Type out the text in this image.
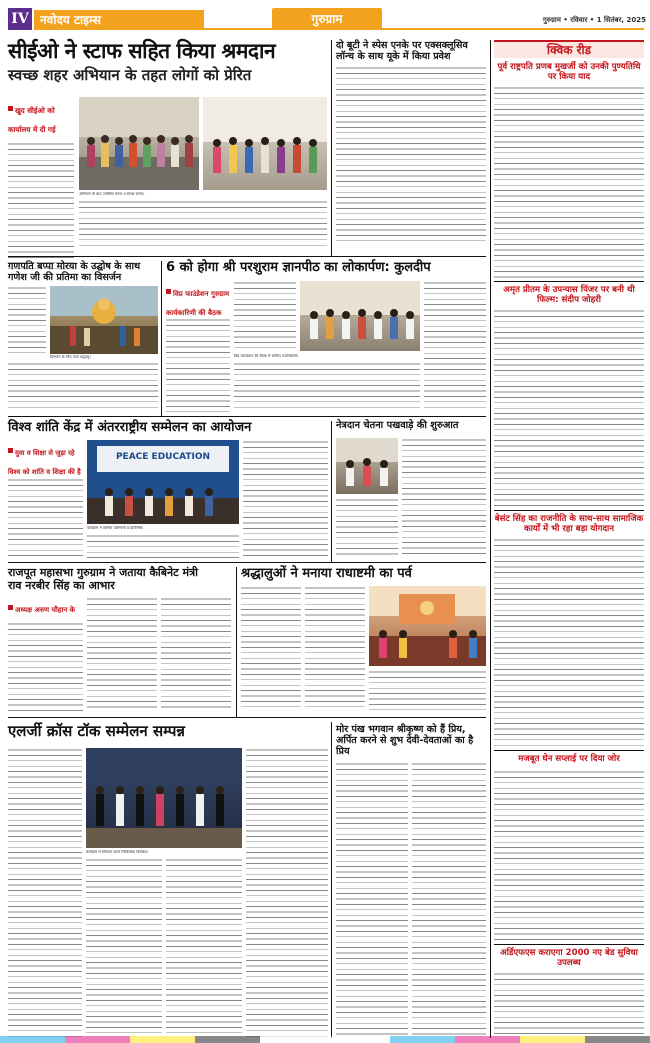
IV नवोदय टाइम्स	गुरुग्राम	गुरुग्राम • रविवार • 1 सितंबर, 2025
सीईओ ने स्टाफ सहित किया श्रमदान
स्वच्छ शहर अभियान के तहत लोगों को प्रेरित
खुद सीईओ को कार्यालय में दी गई
अभियान के बाद उपस्थित स्टाफ व स्वच्छ स्टाफ।
दो बूटी ने स्पेस एनके पर एक्सक्लूसिव लॉन्च के साथ यूके में किया प्रवेश
गणपति बप्पा मोरया के उद्घोष के साथ गणेश जी की प्रतिमा का विसर्जन
विसर्जन के लिए जाते श्रद्धालु।
6 को होगा श्री परशुराम ज्ञानपीठ का लोकार्पण: कुलदीप
विप्र फाउंडेशन गुरुग्राम कार्यकारिणी की बैठक
विप्र फाउंडेशन की बैठक में शामिल पदाधिकारी।
विश्व शांति केंद्र में अंतरराष्ट्रीय सम्मेलन का आयोजन
युवा व शिक्षा से जुड़ा रहे विश्व को शांति व शिक्षा की है
PEACE EDUCATION
कार्यक्रम में शामिल प्रतिभागी व प्रतिनिधि।
नेत्रदान चेतना पखवाड़े की शुरुआत
राजपूत महासभा गुरुग्राम ने जताया कैबिनेट मंत्री राव नरबीर सिंह का आभार
अध्यक्ष अरुण चौहान के
श्रद्धालुओं ने मनाया राधाष्टमी का पर्व
एलर्जी क्रॉस टॉक सम्मेलन सम्पन्न
कार्यक्रम में शिरकत करते चिकित्सक विशेषज्ञ।
मोर पंख भगवान श्रीकृष्ण को हैं प्रिय, अर्पित करने से शुभ देवी-देवताओं का है प्रिय
क्विक रीड
पूर्व राष्ट्रपति प्रणब मुखर्जी को उनकी पुण्यतिथि पर किया याद
अमृत प्रीतम के उपन्यास पिंजर पर बनी थी फिल्म: संदीप जोहरी
बेसंट सिंह का राजनीति के साथ-साथ सामाजिक कार्यों में भी रहा बड़ा योगदान
मजबूत घेन सप्लाई पर दिया जोर
अर्डिएफएस कराएगा 2000 नए बेड सुविधा उपलब्ध
